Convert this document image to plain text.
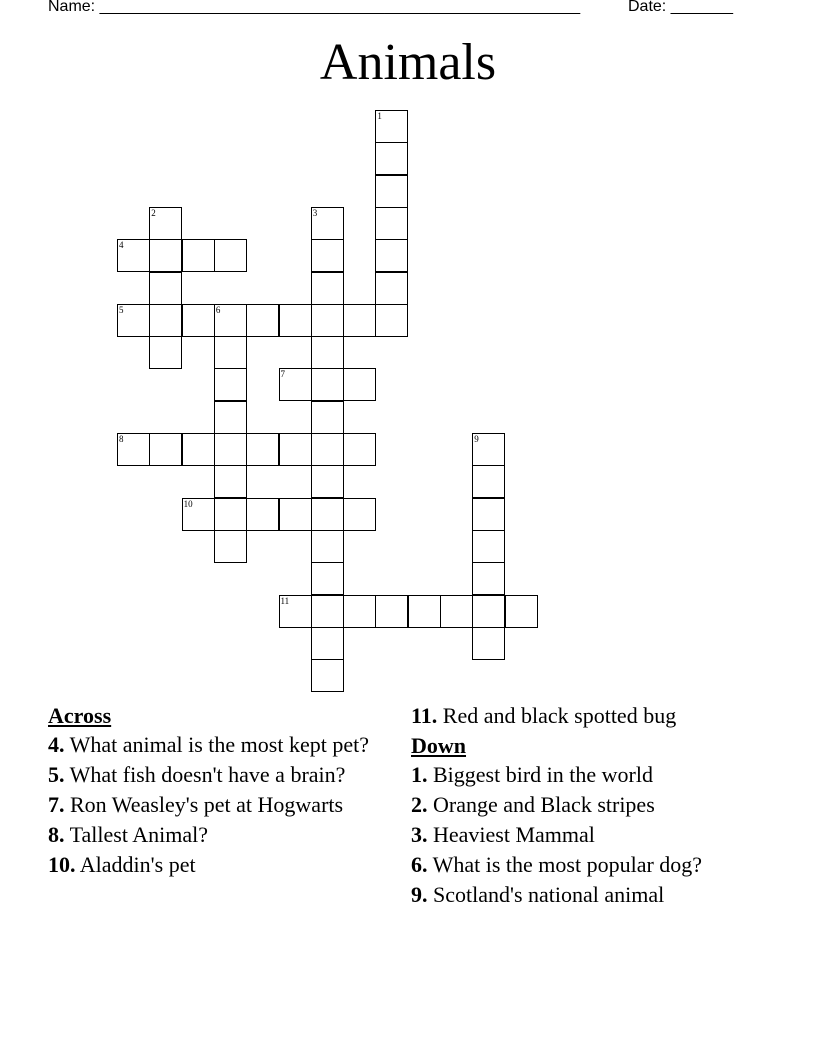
Name: ______________________________________________________	Date: _______
Animals
1
2	3
4
5	6
7
8	9
10
11
Across
4. What animal is the most kept pet?
5. What fish doesn't have a brain?
7. Ron Weasley's pet at Hogwarts
8. Tallest Animal?
10. Aladdin's pet
11. Red and black spotted bug
Down
1. Biggest bird in the world
2. Orange and Black stripes
3. Heaviest Mammal
6. What is the most popular dog?
9. Scotland's national animal
